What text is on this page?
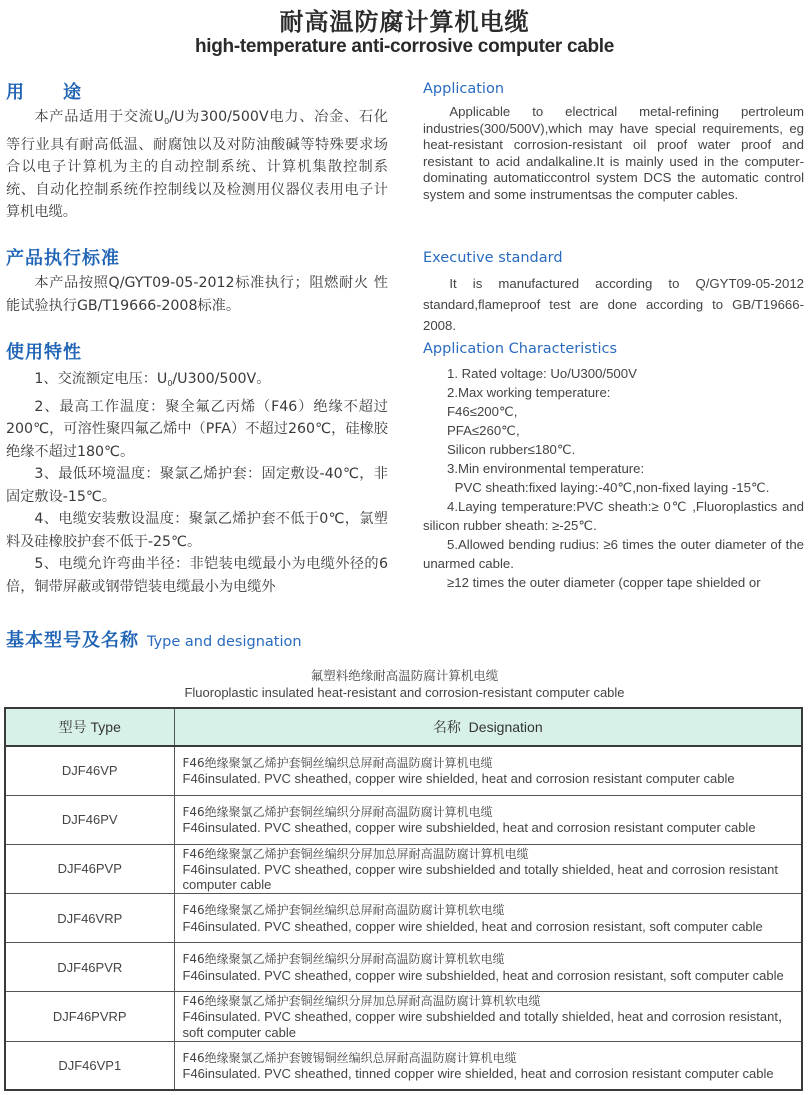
耐高温防腐计算机电缆
high-temperature anti-corrosive computer cable
用　　途

本产品适用于交流$U_0/U$为300/500V电力、冶金、石化等行业具有耐高低温、耐腐蚀以及对防油酸碱等特殊要求场合以电子计算机为主的自动控制系统、计算机集散控制系统、自动化控制系统作控制线以及检测用仪器仪表用电子计算机电缆。

Application

Applicable to electrical metal-refining pertroleum industries(300/500V),which may have special requirements, eg heat-resistant corrosion-resistant oil proof water proof and resistant to acid andalkaline.It is mainly used in the computer-dominating automaticcontrol system DCS the automatic control system and some instrumentsas the computer cables.

产品执行标准

本产品按照Q/GYT09-05-2012标准执行；阻燃耐火 性能试验执行GB/T19666-2008标准。

Executive standard

It is manufactured according to Q/GYT09-05-2012 standard,flameproof test are done according to GB/T19666-2008.

使用特性

1、交流额定电压：$U_0/U300/500V$。

2、最高工作温度：聚全氟乙丙烯（F46）绝缘不超过200℃，可溶性聚四氟乙烯中（PFA）不超过260℃，硅橡胶绝缘不超过180℃。

3、最低环境温度：聚氯乙烯护套：固定敷设-40℃，非固定敷设-15℃。

4、电缆安装敷设温度：聚氯乙烯护套不低于0℃，氯塑料及硅橡胶护套不低于-25℃。

5、电缆允许弯曲半径：非铠装电缆最小为电缆外径的6倍，铜带屏蔽或钢带铠装电缆最小为电缆外

Application Characteristics

1. Rated voltage: Uo/U300/500V

2.Max working temperature:

F46≤200℃,

PFA≤260℃,

Silicon rubber≤180℃.

3.Min environmental temperature:

PVC sheath:fixed laying:-40℃,non-fixed laying -15℃.

4.Laying temperature:PVC sheath:≥ 0℃ ,Fluoroplastics and silicon rubber sheath: ≥-25℃.

5.Allowed bending rudius: ≥6 times the outer diameter of the unarmed cable.

≥12 times the outer diameter (copper tape shielded or

基本型号及名称 Type and designation
氟塑料绝缘耐高温防腐计算机电缆
Fluoroplastic insulated heat-resistant and corrosion-resistant computer cable
型号 Type	名称  Designation
DJF46VP	F46绝缘聚氯乙烯护套铜丝编织总屏耐高温防腐计算机电缆
F46insulated. PVC sheathed, copper wire shielded, heat and corrosion resistant computer cable

DJF46PV	F46绝缘聚氯乙烯护套铜丝编织分屏耐高温防腐计算机电缆
F46insulated. PVC sheathed, copper wire subshielded, heat and corrosion resistant computer cable

DJF46PVP	F46绝缘聚氯乙烯护套铜丝编织分屏加总屏耐高温防腐计算机电缆
F46insulated. PVC sheathed, copper wire subshielded and totally shielded, heat and corrosion resistant computer cable

DJF46VRP	F46绝缘聚氯乙烯护套铜丝编织总屏耐高温防腐计算机软电缆
F46insulated. PVC sheathed, copper wire shielded, heat and corrosion resistant, soft computer cable

DJF46PVR	F46绝缘聚氯乙烯护套铜丝编织分屏耐高温防腐计算机软电缆
F46insulated. PVC sheathed, copper wire subshielded, heat and corrosion resistant, soft computer cable

DJF46PVRP	F46绝缘聚氯乙烯护套铜丝编织分屏加总屏耐高温防腐计算机软电缆
F46insulated. PVC sheathed, copper wire subshielded and totally shielded, heat and corrosion resistant，soft computer cable

DJF46VP1	F46绝缘聚氯乙烯护套镀锡铜丝编织总屏耐高温防腐计算机电缆
F46insulated. PVC sheathed, tinned copper wire shielded, heat and corrosion resistant computer cable
